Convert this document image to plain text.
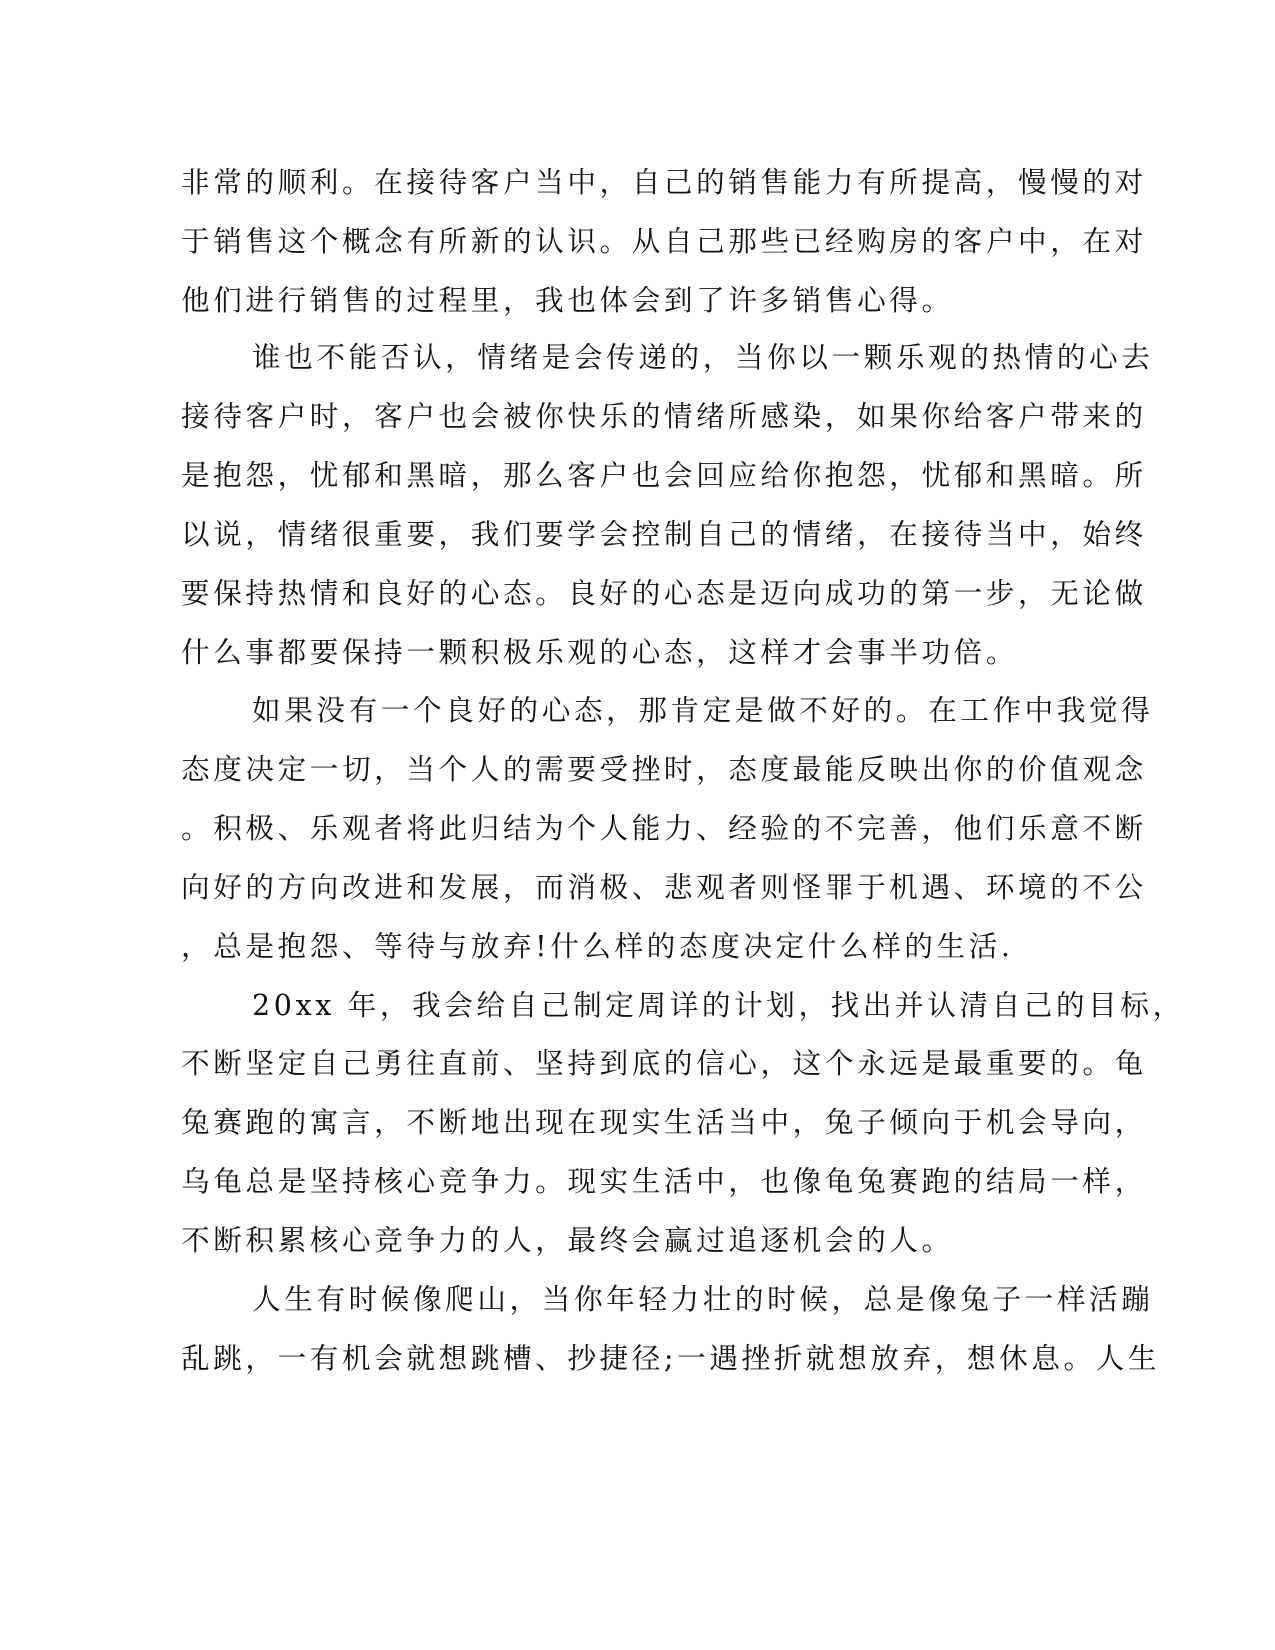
非常的顺利。在接待客户当中，自己的销售能力有所提高，慢慢的对

于销售这个概念有所新的认识。从自己那些已经购房的客户中，在对

他们进行销售的过程里，我也体会到了许多销售心得。

谁也不能否认，情绪是会传递的，当你以一颗乐观的热情的心去

接待客户时，客户也会被你快乐的情绪所感染，如果你给客户带来的

是抱怨，忧郁和黑暗，那么客户也会回应给你抱怨，忧郁和黑暗。所

以说，情绪很重要，我们要学会控制自己的情绪，在接待当中，始终

要保持热情和良好的心态。良好的心态是迈向成功的第一步，无论做

什么事都要保持一颗积极乐观的心态，这样才会事半功倍。

如果没有一个良好的心态，那肯定是做不好的。在工作中我觉得

态度决定一切，当个人的需要受挫时，态度最能反映出你的价值观念

。积极、乐观者将此归结为个人能力、经验的不完善，他们乐意不断

向好的方向改进和发展，而消极、悲观者则怪罪于机遇、环境的不公

，总是抱怨、等待与放弃!什么样的态度决定什么样的生活.

20xx 年，我会给自己制定周详的计划，找出并认清自己的目标，

不断坚定自己勇往直前、坚持到底的信心，这个永远是最重要的。龟

兔赛跑的寓言，不断地出现在现实生活当中，兔子倾向于机会导向，

乌龟总是坚持核心竞争力。现实生活中，也像龟兔赛跑的结局一样，

不断积累核心竞争力的人，最终会赢过追逐机会的人。

人生有时候像爬山，当你年轻力壮的时候，总是像兔子一样活蹦

乱跳，一有机会就想跳槽、抄捷径;一遇挫折就想放弃，想休息。人生
